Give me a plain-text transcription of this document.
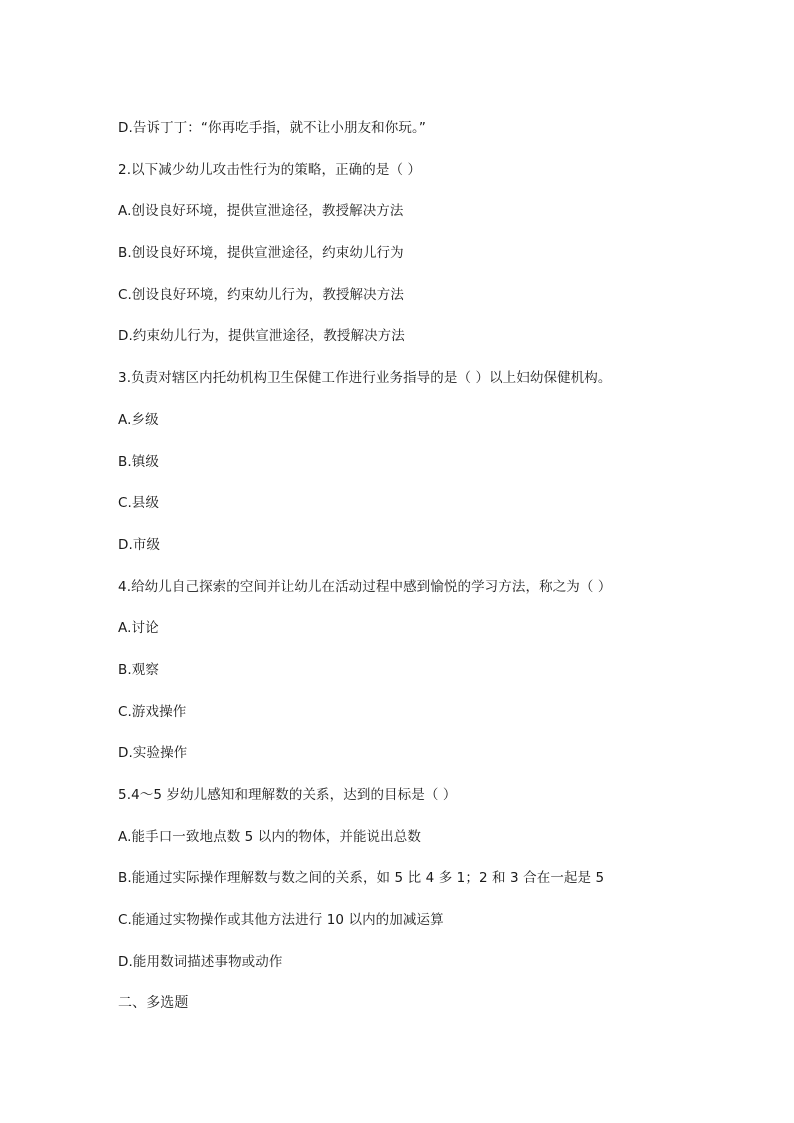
D.告诉丁丁：“你再吃手指，就不让小朋友和你玩。”
2.以下减少幼儿攻击性行为的策略，正确的是（ ）
A.创设良好环境，提供宣泄途径，教授解决方法
B.创设良好环境，提供宣泄途径，约束幼儿行为
C.创设良好环境，约束幼儿行为，教授解决方法
D.约束幼儿行为，提供宣泄途径，教授解决方法
3.负责对辖区内托幼机构卫生保健工作进行业务指导的是（ ）以上妇幼保健机构。
A.乡级
B.镇级
C.县级
D.市级
4.给幼儿自己探索的空间并让幼儿在活动过程中感到愉悦的学习方法，称之为（ ）
A.讨论
B.观察
C.游戏操作
D.实验操作
5.4～5 岁幼儿感知和理解数的关系，达到的目标是（ ）
A.能手口一致地点数 5 以内的物体，并能说出总数
B.能通过实际操作理解数与数之间的关系，如 5 比 4 多 1；2 和 3 合在一起是 5
C.能通过实物操作或其他方法进行 10 以内的加减运算
D.能用数词描述事物或动作
二、多选题
